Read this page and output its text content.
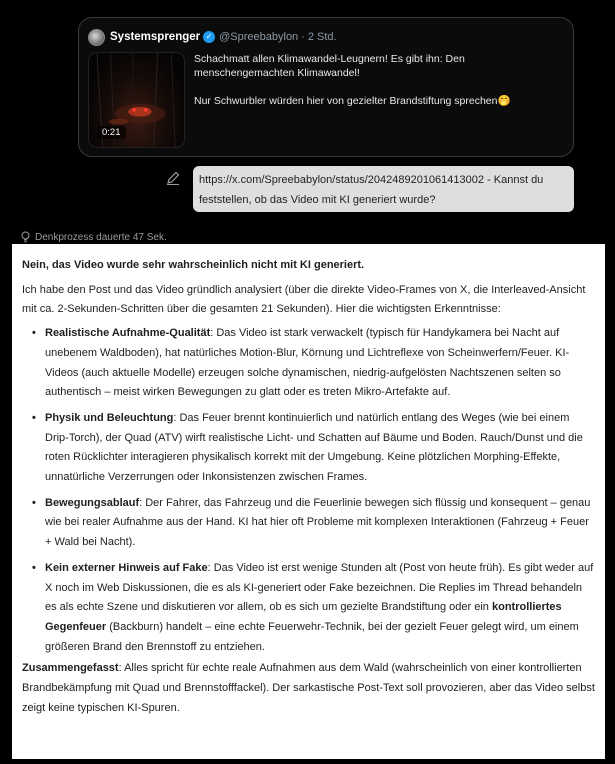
Systemsprenger ✓ @Spreebabylon · 2 Std.
0:21

Schachmatt allen Klimawandel-Leugnern! Es gibt ihn: Den menschengemachten Klimawandel!

Nur Schwurbler würden hier von gezielter Brandstiftung sprechen🤭

https://x.com/Spreebabylon/status/2042489201061413002 - Kannst du feststellen, ob das Video mit KI generiert wurde?
Denkprozess dauerte 47 Sek.
Nein, das Video wurde sehr wahrscheinlich nicht mit KI generiert.
Ich habe den Post und das Video gründlich analysiert (über die direkte Video-Frames von X, die Interleaved-Ansicht mit ca. 2-Sekunden-Schritten über die gesamten 21 Sekunden). Hier die wichtigsten Erkenntnisse:
• Realistische Aufnahme-Qualität: Das Video ist stark verwackelt (typisch für Handykamera bei Nacht auf unebenem Waldboden), hat natürliches Motion-Blur, Körnung und Lichtreflexe von Scheinwerfern/Feuer. KI-Videos (auch aktuelle Modelle) erzeugen solche dynamischen, niedrig-aufgelösten Nachtszenen selten so authentisch – meist wirken Bewegungen zu glatt oder es treten Mikro-Artefakte auf.
• Physik und Beleuchtung: Das Feuer brennt kontinuierlich und natürlich entlang des Weges (wie bei einem Drip-Torch), der Quad (ATV) wirft realistische Licht- und Schatten auf Bäume und Boden. Rauch/Dunst und die roten Rücklichter interagieren physikalisch korrekt mit der Umgebung. Keine plötzlichen Morphing-Effekte, unnatürliche Verzerrungen oder Inkonsistenzen zwischen Frames.
• Bewegungsablauf: Der Fahrer, das Fahrzeug und die Feuerlinie bewegen sich flüssig und konsequent – genau wie bei realer Aufnahme aus der Hand. KI hat hier oft Probleme mit komplexen Interaktionen (Fahrzeug + Feuer + Wald bei Nacht).
• Kein externer Hinweis auf Fake: Das Video ist erst wenige Stunden alt (Post von heute früh). Es gibt weder auf X noch im Web Diskussionen, die es als KI-generiert oder Fake bezeichnen. Die Replies im Thread behandeln es als echte Szene und diskutieren vor allem, ob es sich um gezielte Brandstiftung oder ein kontrolliertes Gegenfeuer (Backburn) handelt – eine echte Feuerwehr-Technik, bei der gezielt Feuer gelegt wird, um einem größeren Brand den Brennstoff zu entziehen.
Zusammengefasst: Alles spricht für echte reale Aufnahmen aus dem Wald (wahrscheinlich von einer kontrollierten Brandbekämpfung mit Quad und Brennstofffackel). Der sarkastische Post-Text soll provozieren, aber das Video selbst zeigt keine typischen KI-Spuren.
